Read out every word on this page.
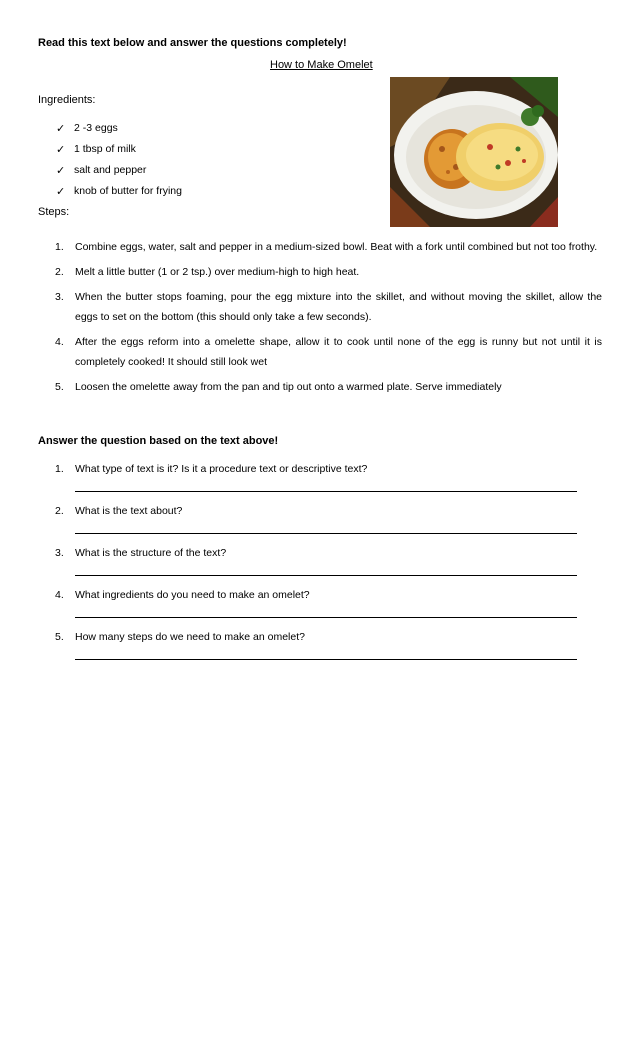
Read this text below and answer the questions completely!
How to Make Omelet
Ingredients:
✓ 2 -3 eggs
✓ 1 tbsp of milk
✓ salt and pepper
✓ knob of butter for frying
Steps:
1.	Combine eggs, water, salt and pepper in a medium-sized bowl. Beat with a fork until combined but not too frothy.
2.	Melt a little butter (1 or 2 tsp.) over medium-high to high heat.
3.	When the butter stops foaming, pour the egg mixture into the skillet, and without moving the skillet, allow the eggs to set on the bottom (this should only take a few seconds).
4.	After the eggs reform into a omelette shape, allow it to cook until none of the egg is runny but not until it is completely cooked! It should still look wet
5.	Loosen the omelette away from the pan and tip out onto a warmed plate. Serve immediately
Answer the question based on the text above!
1.	What type of text is it? Is it a procedure text or descriptive text?
2.	What is the text about?
3.	What is the structure of the text?
4.	What ingredients do you need to make an omelet?
5.	How many steps do we need to make an omelet?
